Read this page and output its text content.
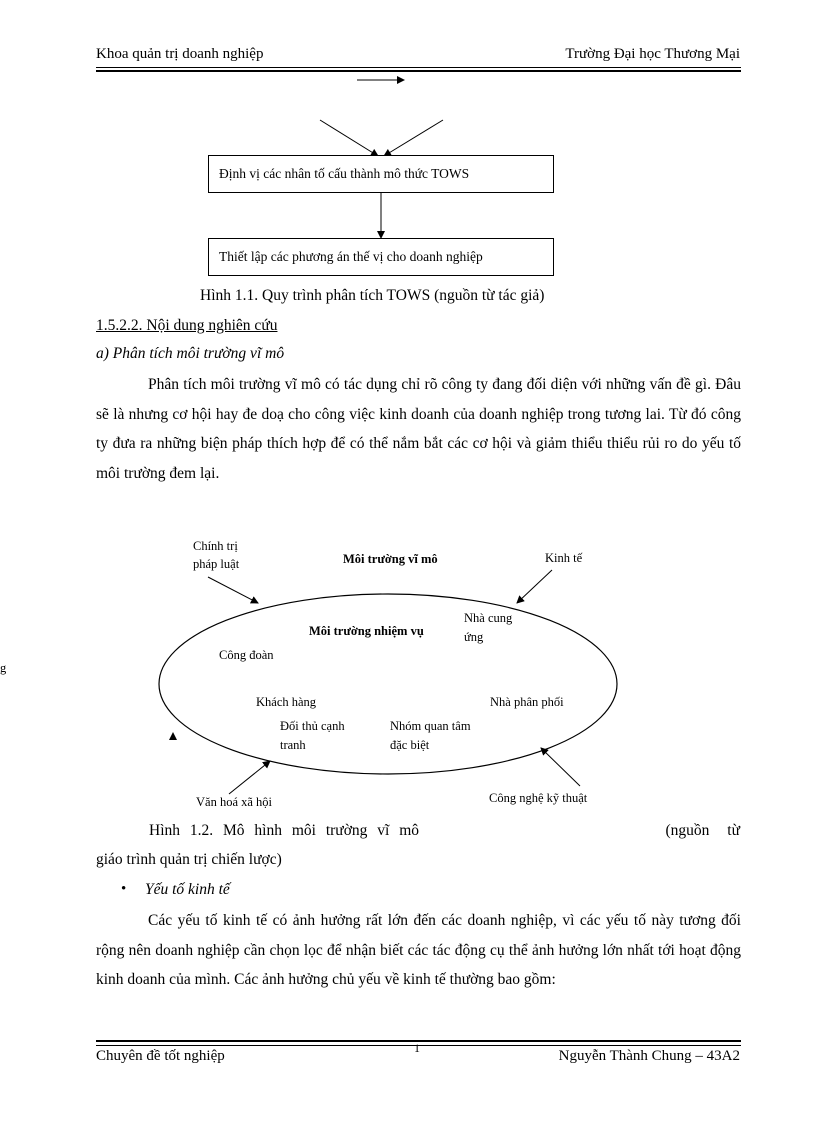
Khoa quản trị doanh nghiệp	Trường Đại học Thương Mại
Định vị các nhân tố cấu thành mô thức TOWS
Thiết lập các phương án thế vị cho doanh nghiệp
Hình 1.1. Quy trình phân tích TOWS (nguồn từ tác giả)
1.5.2.2. Nội dung nghiên cứu
a) Phân tích môi trường vĩ mô
Phân tích môi trường vĩ mô có tác dụng chỉ rõ công ty đang đối diện với những vấn đề gì. Đâu sẽ là nhưng cơ hội hay đe doạ cho công việc kinh doanh của doanh nghiệp trong tương lai. Từ đó công ty đưa ra những biện pháp thích hợp để có thể nắm bắt các cơ hội và giảm thiểu thiểu rủi ro do yếu tố môi trường đem lại.
Môi trường vĩ mô
Môi trường nhiệm vụ
Chính trị
pháp luật	Kinh tế
Văn hoá xã hội	Công nghệ kỹ thuật
Công đoàn
Nhà cung
ứng
Khách hàng	Nhà phân phối
Đối thủ cạnh
tranh
Nhóm quan tâm
đặc biệt
g
Hình 1.2. Mô hình môi trường vĩ mô	(nguồn từ
giáo trình quản trị chiến lược)
• Yếu tố kinh tế
Các yếu tố kinh tế có ảnh hưởng rất lớn đến các doanh nghiệp, vì các yếu tố này tương đối rộng nên doanh nghiệp cần chọn lọc để nhận biết các tác động cụ thể ảnh hưởng lớn nhất tới hoạt động kinh doanh của mình. Các ảnh hưởng chủ yếu về kinh tế thường bao gồm:
1
Chuyên đề tốt nghiệp	Nguyễn Thành Chung – 43A2
